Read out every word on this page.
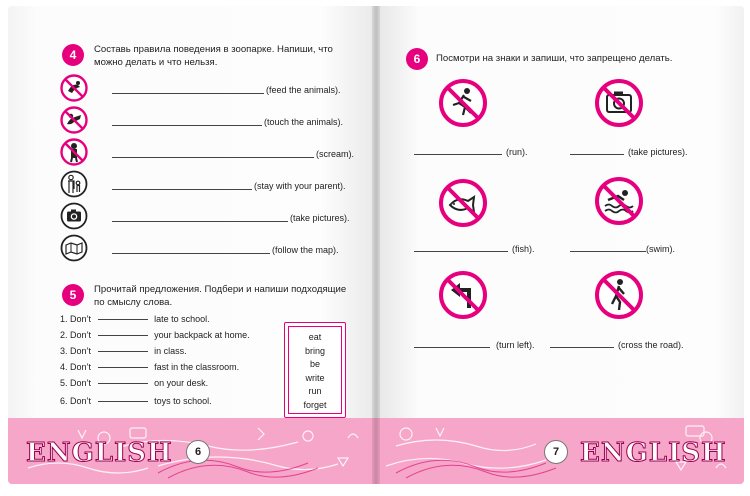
4	Составь правила поведения в зоопарке. Напиши, что
можно делать и что нельзя.
(feed the animals).
(touch the animals).
(scream).
(stay with your parent).
(take pictures).
(follow the map).
5	Прочитай предложения. Подбери и напиши подходящие
по смыслу слова.
1. Don’t	late to school.
2. Don’t	your backpack at home.
3. Don’t	in class.
4. Don’t	fast in the classroom.
5. Don’t	on your desk.
6. Don’t	toys to school.
eat
bring
be
write
run
forget
ENGLISH	6
6	Посмотри на знаки и запиши, что запрещено делать.
(run).	(take pictures).
(fish).	(swim).
(turn left).	(cross the road).
7 ENGLISH
